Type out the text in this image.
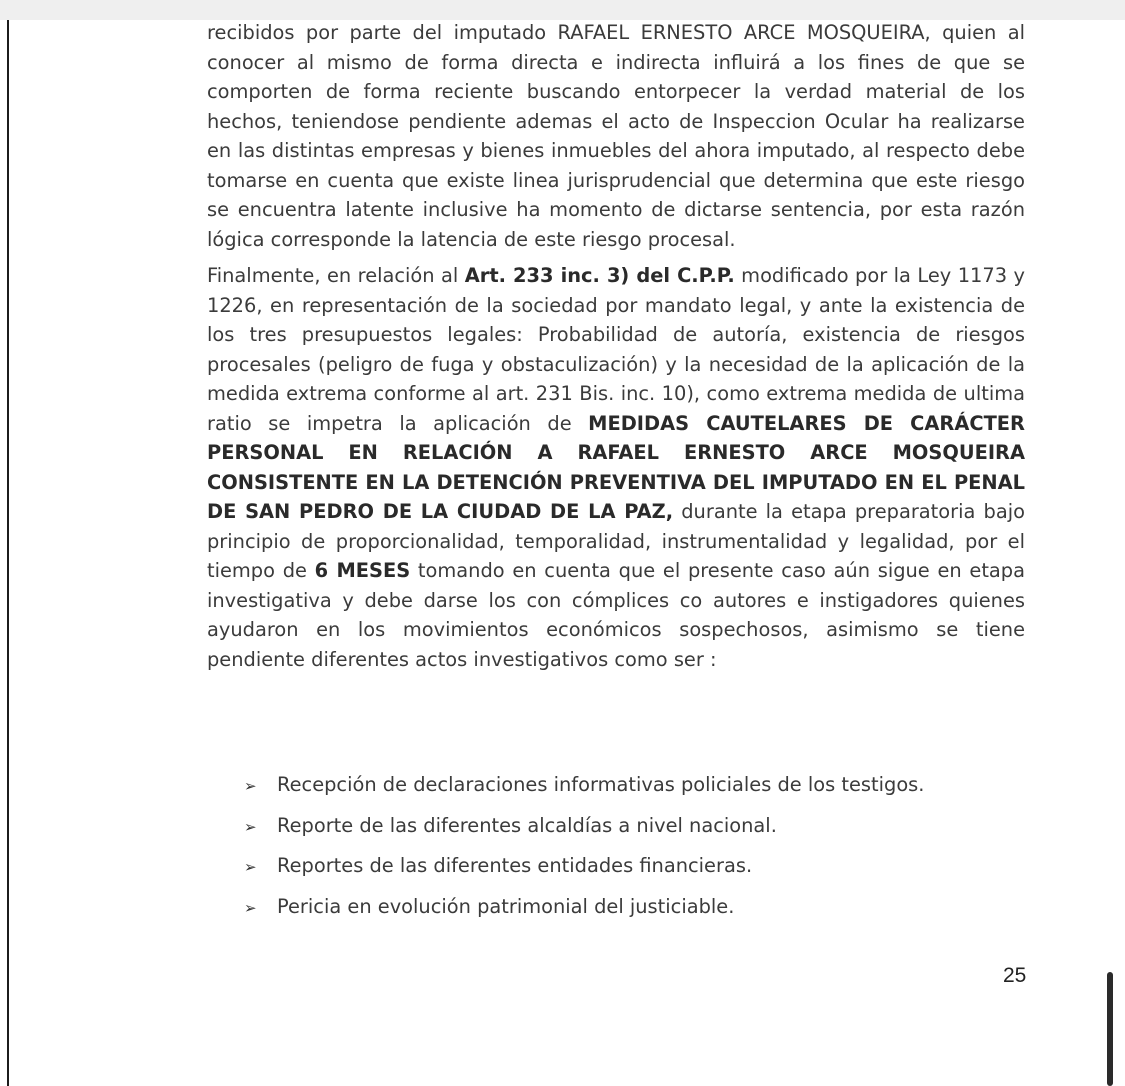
recibidos por parte del imputado RAFAEL ERNESTO ARCE MOSQUEIRA, quien al conocer al mismo de forma directa e indirecta influirá a los fines de que se comporten de forma reciente buscando entorpecer la verdad material de los hechos, teniendose pendiente ademas el acto de Inspeccion Ocular ha realizarse en las distintas empresas y bienes inmuebles del ahora imputado, al respecto debe tomarse en cuenta que existe linea jurisprudencial que determina que este riesgo se encuentra latente inclusive ha momento de dictarse sentencia, por esta razón lógica corresponde la latencia de este riesgo procesal.

Finalmente, en relación al Art. 233 inc. 3) del C.P.P. modificado por la Ley 1173 y 1226, en representación de la sociedad por mandato legal, y ante la existencia de los tres presupuestos legales: Probabilidad de autoría, existencia de riesgos procesales (peligro de fuga y obstaculización) y la necesidad de la aplicación de la medida extrema conforme al art. 231 Bis. inc. 10), como extrema medida de ultima ratio se impetra la aplicación de MEDIDAS CAUTELARES DE CARÁCTER PERSONAL EN RELACIÓN A RAFAEL ERNESTO ARCE MOSQUEIRA CONSISTENTE EN LA DETENCIÓN PREVENTIVA DEL IMPUTADO EN EL PENAL DE SAN PEDRO DE LA CIUDAD DE LA PAZ, durante la etapa preparatoria bajo principio de proporcionalidad, temporalidad, instrumentalidad y legalidad, por el tiempo de 6 MESES tomando en cuenta que el presente caso aún sigue en etapa investigativa y debe darse los con cómplices co autores e instigadores quienes ayudaron en los movimientos económicos sospechosos, asimismo se tiene pendiente diferentes actos investigativos como ser :

➢ Recepción de declaraciones informativas policiales de los testigos.
➢ Reporte de las diferentes alcaldías a nivel nacional.
➢ Reportes de las diferentes entidades financieras.
➢ Pericia en evolución patrimonial del justiciable.
25
